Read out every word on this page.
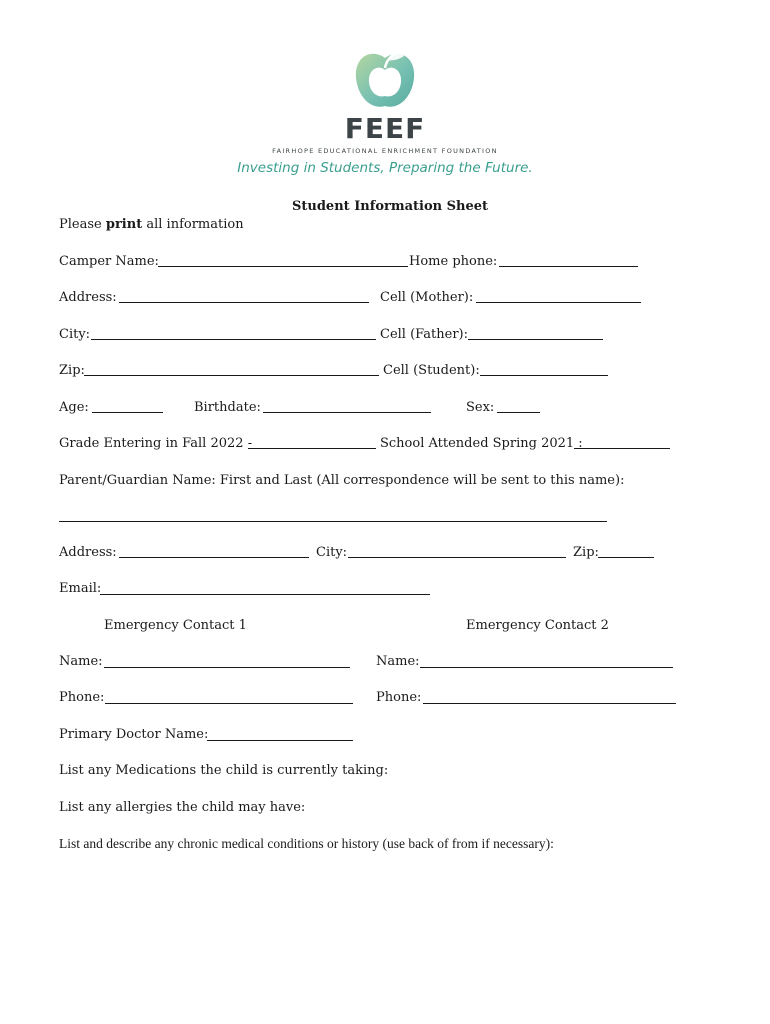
FEEF
FAIRHOPE EDUCATIONAL ENRICHMENT FOUNDATION
Investing in Students, Preparing the Future.
Student Information Sheet
Please print all information
Camper Name:	Home phone:
Address:	Cell (Mother):
City:	Cell (Father):
Zip:	Cell (Student):
Age:	Birthdate:	Sex:
Grade Entering in Fall 2022 -	School Attended Spring 2021 :
Parent/Guardian Name: First and Last (All correspondence will be sent to this name):
Address:	City:	Zip:
Email:
Emergency Contact 1	Emergency Contact 2
Name:	Name:
Phone:	Phone:
Primary Doctor Name:
List any Medications the child is currently taking:
List any allergies the child may have:
List and describe any chronic medical conditions or history (use back of from if necessary):
